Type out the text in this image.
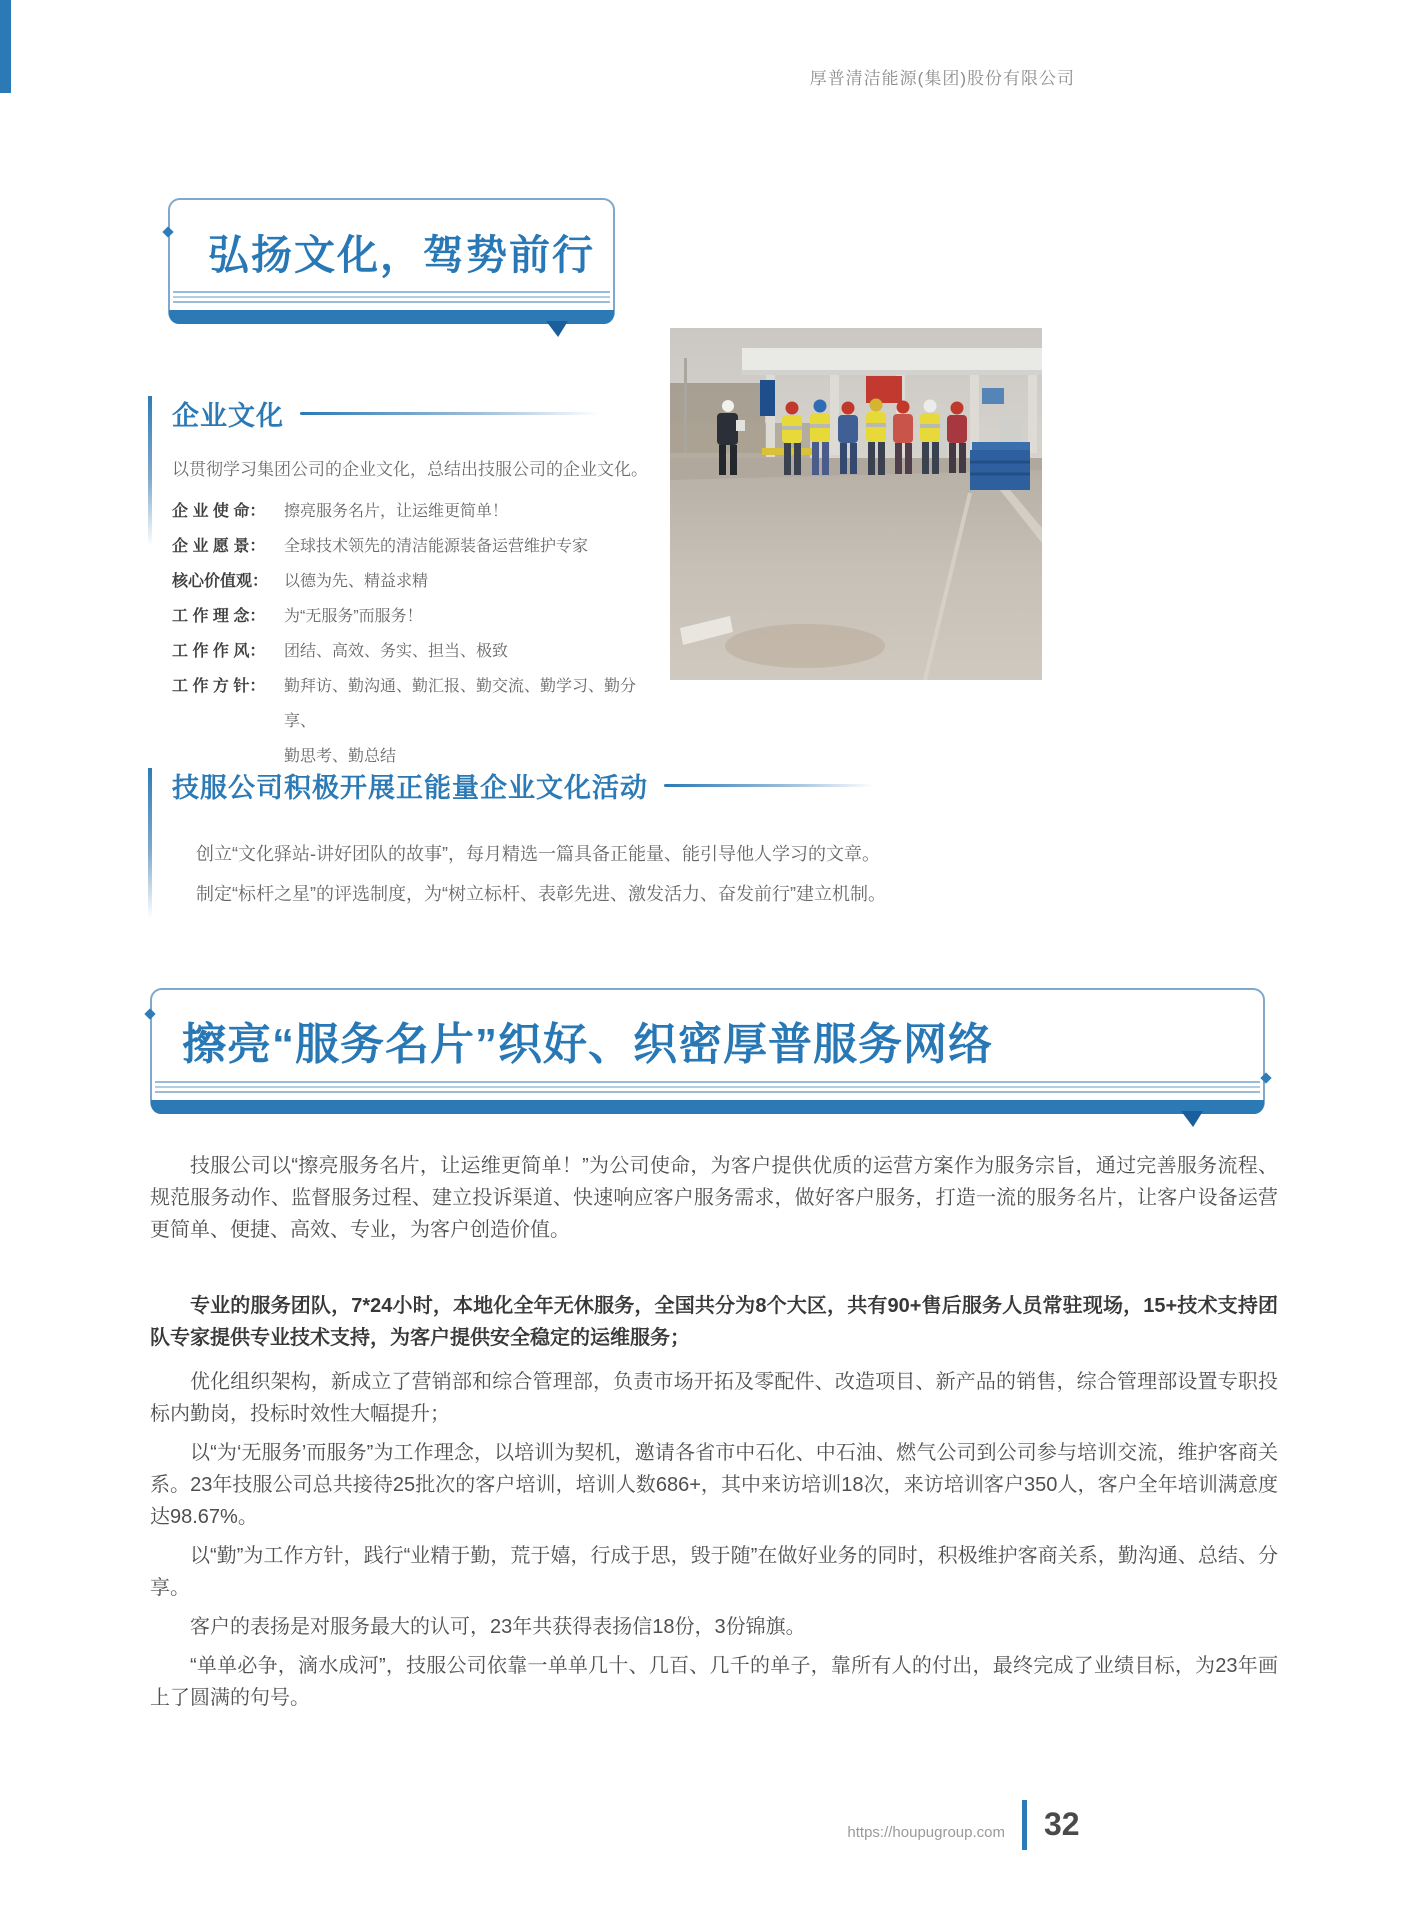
厚普清洁能源(集团)股份有限公司
弘扬文化，驾势前行
企业文化

以贯彻学习集团公司的企业文化，总结出技服公司的企业文化。

企 业 使 命：	擦亮服务名片，让运维更简单！
企 业 愿 景：	全球技术领先的清洁能源装备运营维护专家
核心价值观： 以德为先、精益求精
工 作 理 念：	为“无服务”而服务！
工 作 作 风：	团结、高效、务实、担当、极致
工 作 方 针：	勤拜访、勤沟通、勤汇报、勤交流、勤学习、勤分享、
勤思考、勤总结
技服公司积极开展正能量企业文化活动

创立“文化驿站-讲好团队的故事”，每月精选一篇具备正能量、能引导他人学习的文章。

制定“标杆之星”的评选制度，为“树立标杆、表彰先进、激发活力、奋发前行”建立机制。

擦亮“服务名片”织好、织密厚普服务网络

技服公司以“擦亮服务名片，让运维更简单！”为公司使命，为客户提供优质的运营方案作为服务宗旨，通过完善服务流程、规范服务动作、监督服务过程、建立投诉渠道、快速响应客户服务需求，做好客户服务，打造一流的服务名片，让客户设备运营更简单、便捷、高效、专业，为客户创造价值。

专业的服务团队，7*24小时，本地化全年无休服务，全国共分为8个大区，共有90+售后服务人员常驻现场，15+技术支持团队专家提供专业技术支持，为客户提供安全稳定的运维服务；

优化组织架构，新成立了营销部和综合管理部，负责市场开拓及零配件、改造项目、新产品的销售，综合管理部设置专职投标内勤岗，投标时效性大幅提升；

以“为‘无服务’而服务”为工作理念，以培训为契机，邀请各省市中石化、中石油、燃气公司到公司参与培训交流，维护客商关系。23年技服公司总共接待25批次的客户培训，培训人数686+，其中来访培训18次，来访培训客户350人，客户全年培训满意度达98.67%。

以“勤”为工作方针，践行“业精于勤，荒于嬉，行成于思，毁于随”在做好业务的同时，积极维护客商关系，勤沟通、总结、分享。

客户的表扬是对服务最大的认可，23年共获得表扬信18份，3份锦旗。

“单单必争，滴水成河”，技服公司依靠一单单几十、几百、几千的单子，靠所有人的付出，最终完成了业绩目标，为23年画上了圆满的句号。

https://houpugroup.com 32
